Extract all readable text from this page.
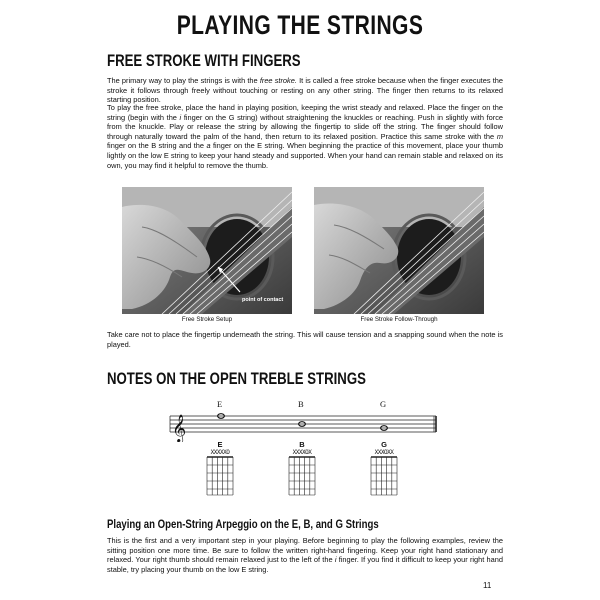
PLAYING THE STRINGS
FREE STROKE WITH FINGERS
The primary way to play the strings is with the free stroke. It is called a free stroke because when the finger executes the stroke it follows through freely without touching or resting on any other string. The finger then returns to its relaxed starting position.
To play the free stroke, place the hand in playing position, keeping the wrist steady and relaxed. Place the finger on the string (begin with the i finger on the G string) without straightening the knuckles or reaching. Push in slightly with force from the knuckle. Play or release the string by allowing the fingertip to slide off the string. The finger should follow through naturally toward the palm of the hand, then return to its relaxed position. Practice this same stroke with the m finger on the B string and the a finger on the E string. When beginning the practice of this movement, place your thumb lightly on the low E string to keep your hand steady and supported. When your hand can remain stable and relaxed on its own, you may find it helpful to remove the thumb.
point of contact
Free Stroke Setup	Free Stroke Follow-Through
Take care not to place the fingertip underneath the string. This will cause tension and a snapping sound when the note is played.
NOTES ON THE OPEN TREBLE STRINGS
E	B	G
𝄞
E
XXXXXO
B
XXXXOX
G
XXXOXX
Playing an Open-String Arpeggio on the E, B, and G Strings
This is the first and a very important step in your playing. Before beginning to play the following examples, review the sitting position one more time. Be sure to follow the written right-hand fingering. Keep your right hand stationary and relaxed. Your right thumb should remain relaxed just to the left of the i finger. If you find it difficult to keep your right hand stable, try placing your thumb on the low E string.
11
